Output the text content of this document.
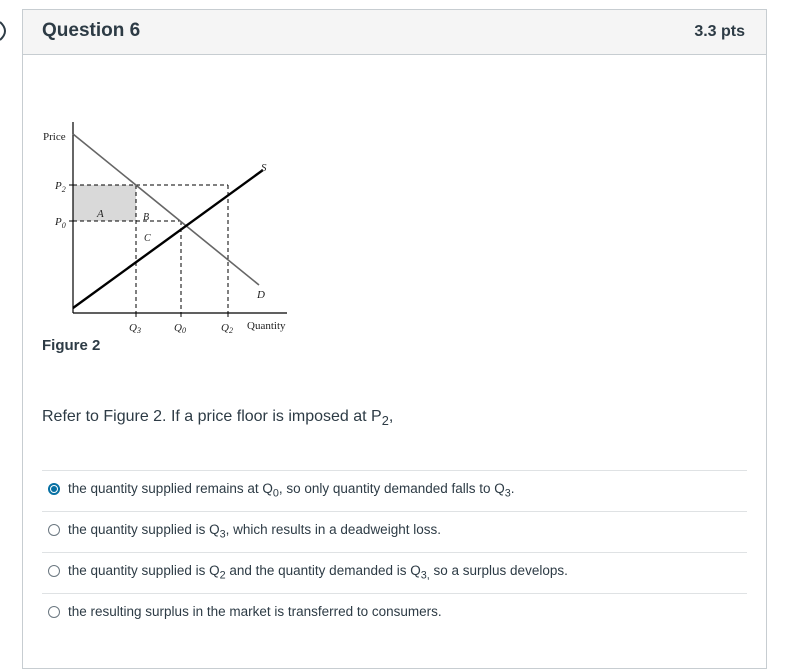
Question 6	3.3 pts
Price
$P_2$
$P_0$
S
D
A	B
C
Q3	Q0	Q2 Quantity
Figure 2
Refer to Figure 2. If a price floor is imposed at $P_2$,
the quantity supplied remains at $Q_0$, so only quantity demanded falls to $Q_3$.
the quantity supplied is $Q_3$, which results in a deadweight loss.
the quantity supplied is $Q_2$ and the quantity demanded is $Q_{3,}$ so a surplus develops.
the resulting surplus in the market is transferred to consumers.
